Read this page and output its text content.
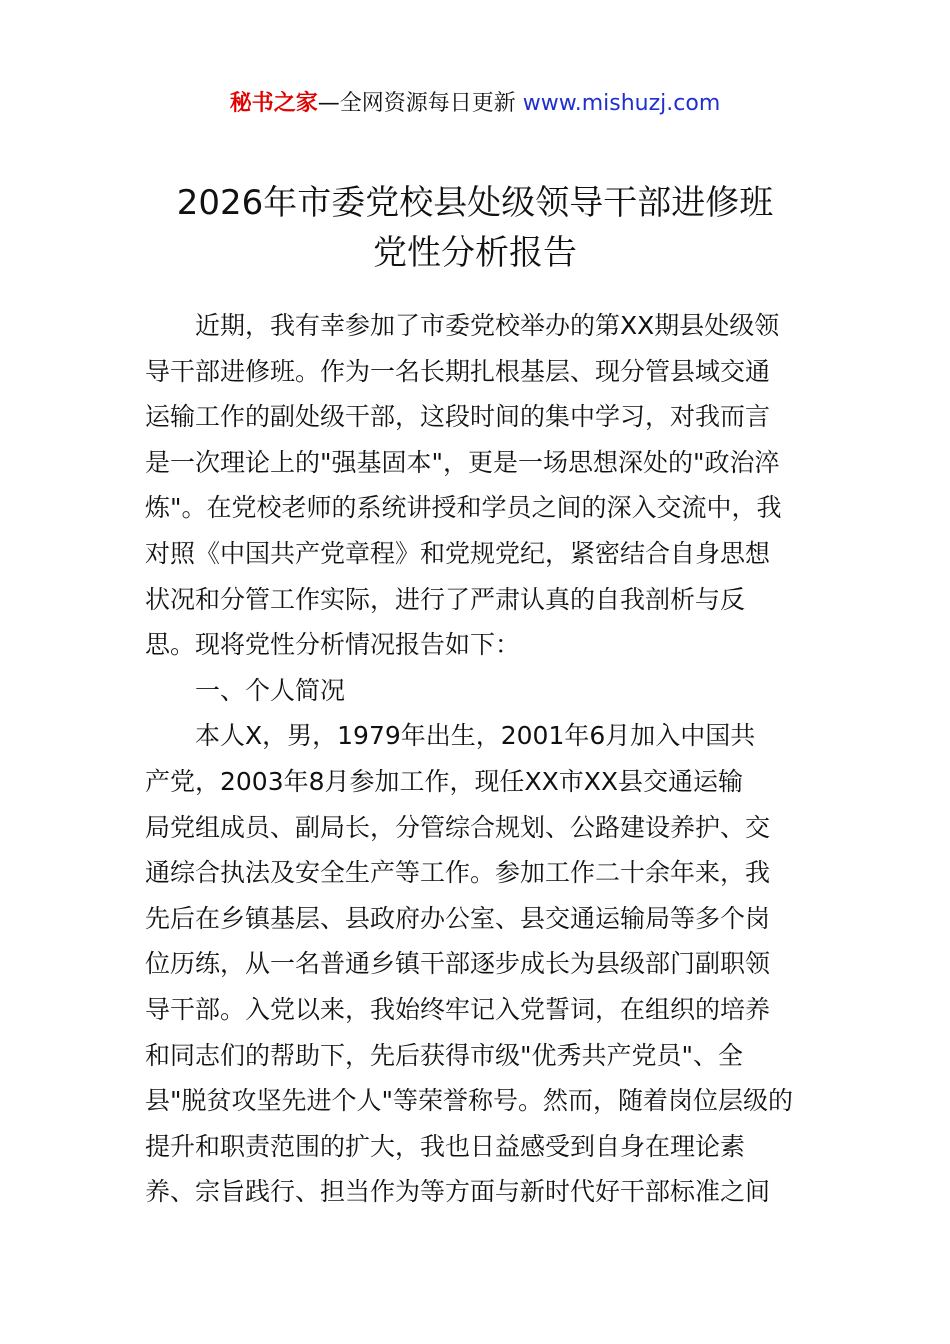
秘书之家—全网资源每日更新 www.mishuzj.com
2026年市委党校县处级领导干部进修班
党性分析报告
近期，我有幸参加了市委党校举办的第XX期县处级领
导干部进修班。作为一名长期扎根基层、现分管县域交通
运输工作的副处级干部，这段时间的集中学习，对我而言
是一次理论上的"强基固本"，更是一场思想深处的"政治淬
炼"。在党校老师的系统讲授和学员之间的深入交流中，我
对照《中国共产党章程》和党规党纪，紧密结合自身思想
状况和分管工作实际，进行了严肃认真的自我剖析与反
思。现将党性分析情况报告如下：
一、个人简况
本人X，男，1979年出生，2001年6月加入中国共
产党，2003年8月参加工作，现任XX市XX县交通运输
局党组成员、副局长，分管综合规划、公路建设养护、交
通综合执法及安全生产等工作。参加工作二十余年来，我
先后在乡镇基层、县政府办公室、县交通运输局等多个岗
位历练，从一名普通乡镇干部逐步成长为县级部门副职领
导干部。入党以来，我始终牢记入党誓词，在组织的培养
和同志们的帮助下，先后获得市级"优秀共产党员"、全
县"脱贫攻坚先进个人"等荣誉称号。然而，随着岗位层级的
提升和职责范围的扩大，我也日益感受到自身在理论素
养、宗旨践行、担当作为等方面与新时代好干部标准之间
